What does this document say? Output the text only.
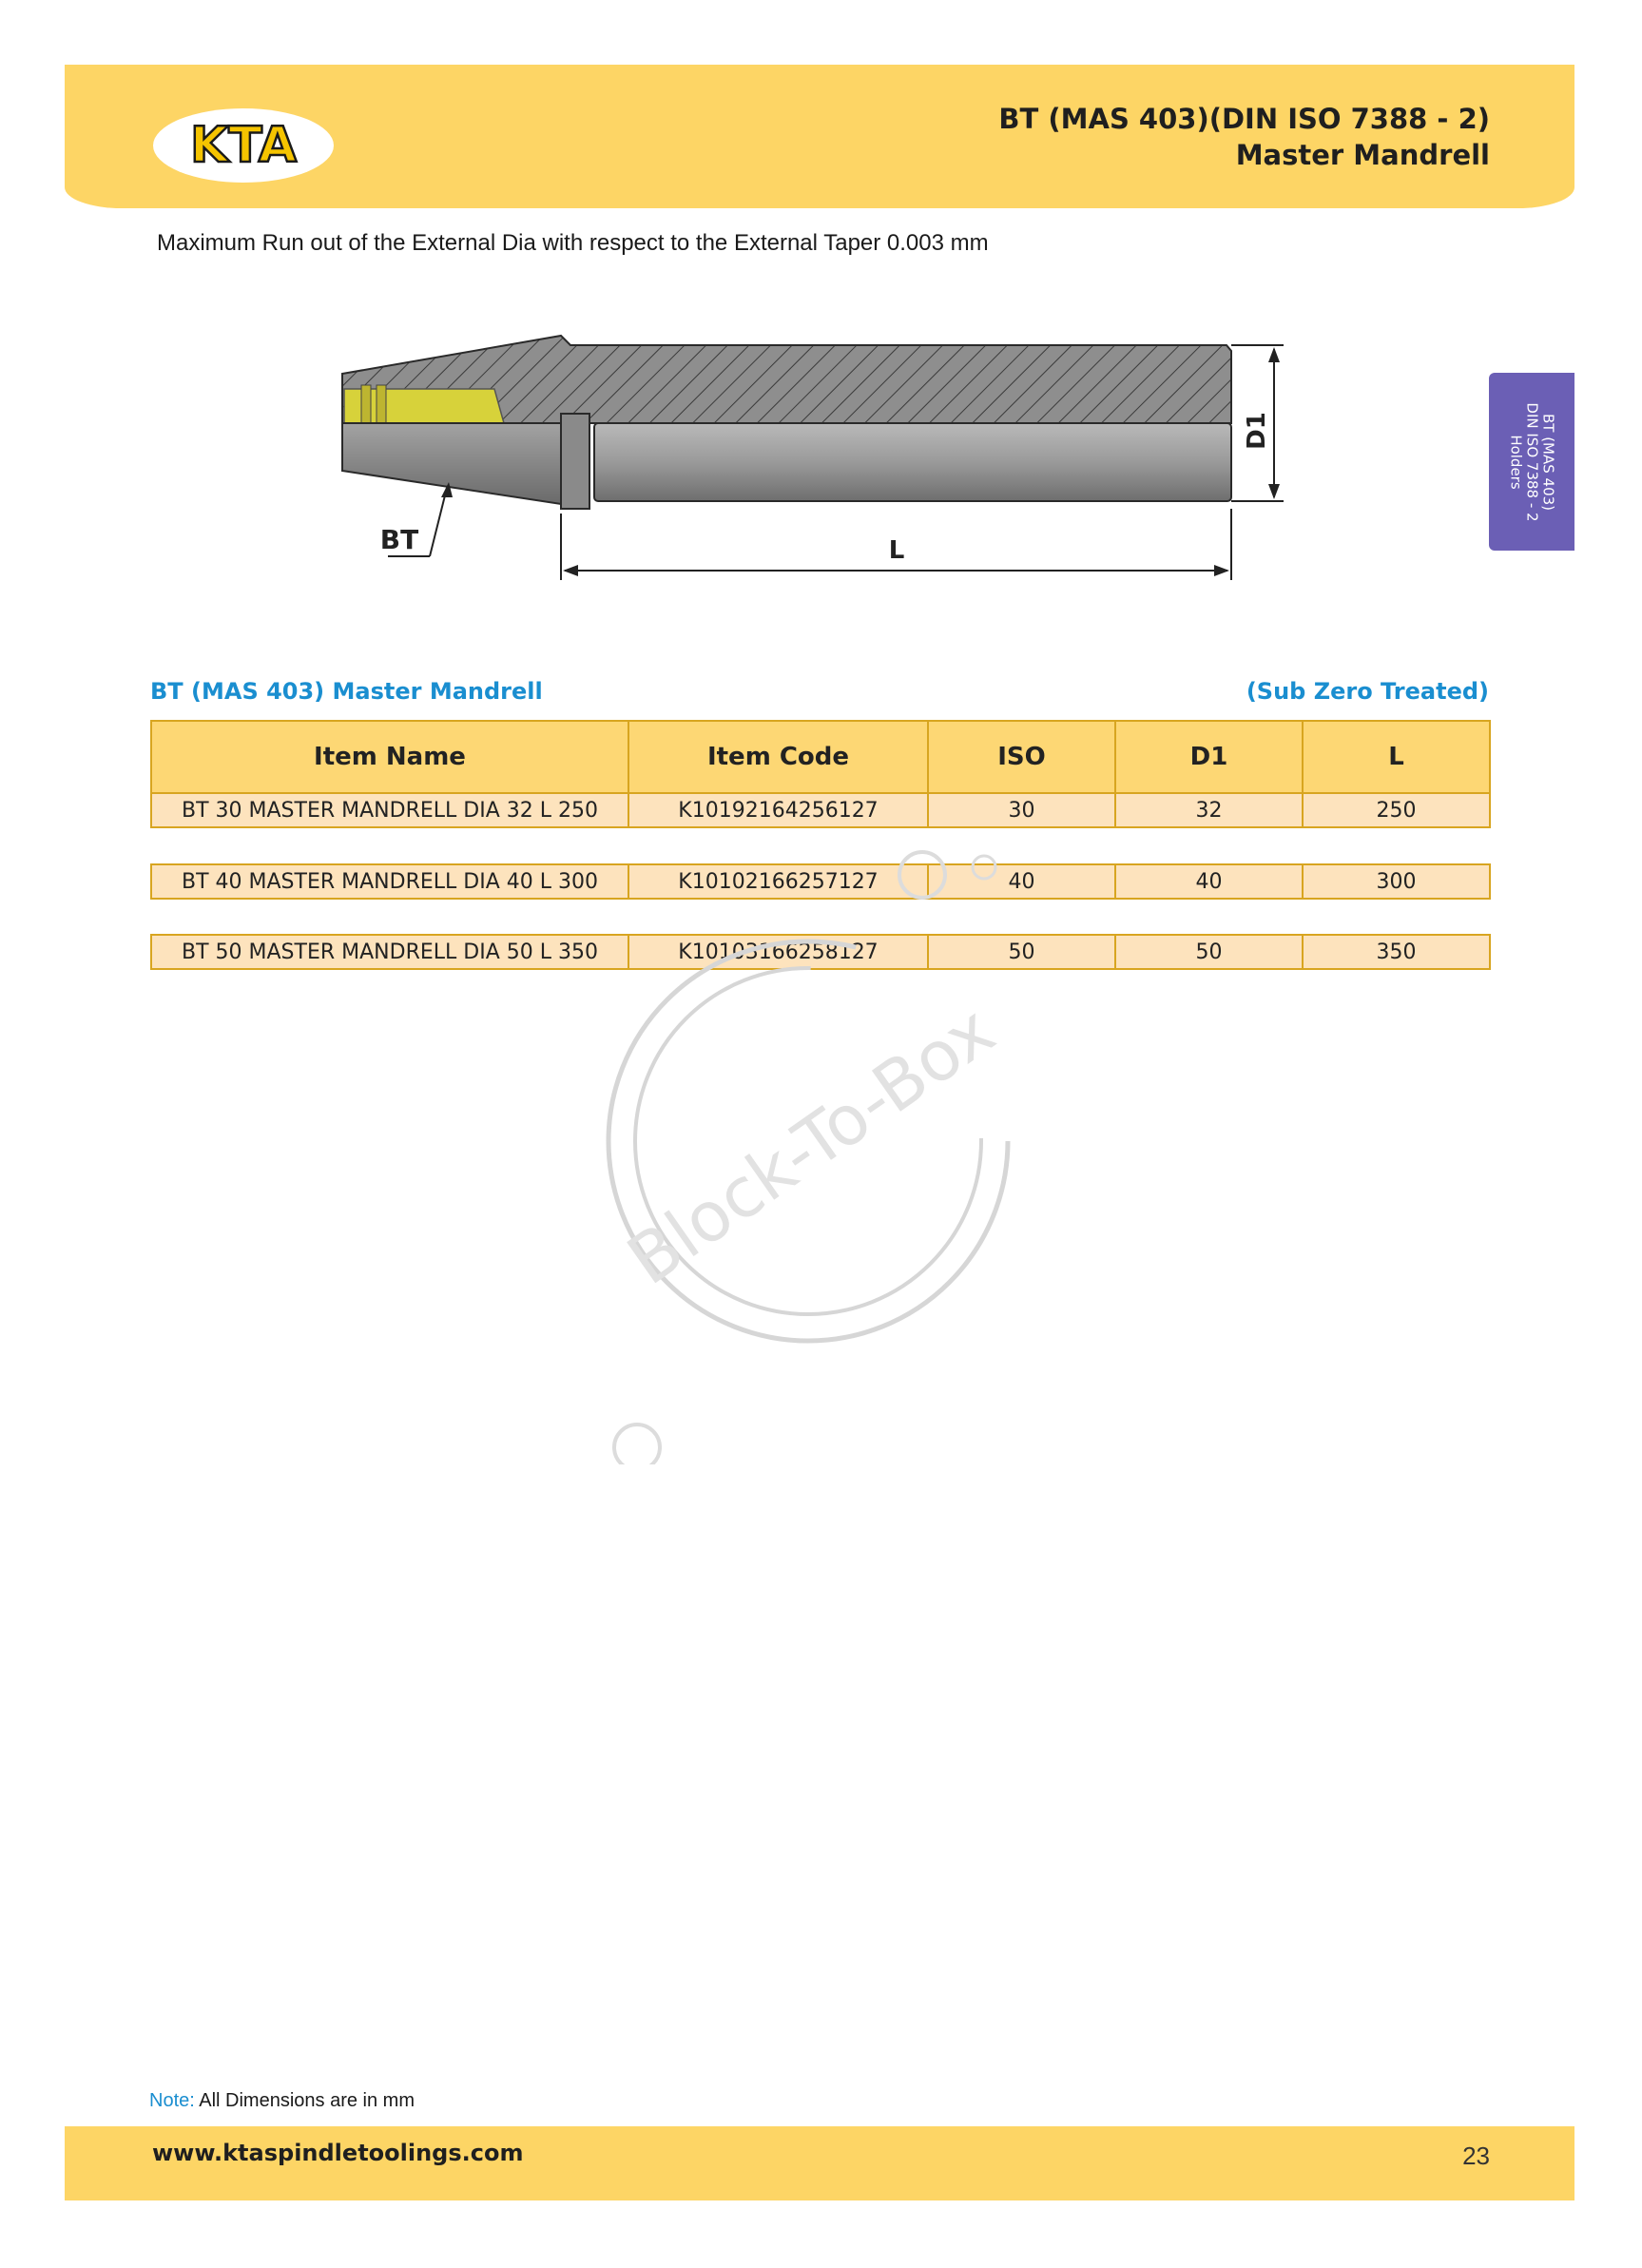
KTA	BT (MAS 403)(DIN ISO 7388 - 2)
Master Mandrell
Maximum Run out of the External Dia with respect to the External Taper 0.003 mm
D1
L
BT
BT (MAS 403)
DIN ISO 7388 - 2
Holders
BT (MAS 403) Master Mandrell	(Sub Zero Treated)
Item Name	Item Code	ISO	D1	L
BT 30 MASTER MANDRELL DIA 32 L 250	K10192164256127	30	32	250
BT 40 MASTER MANDRELL DIA 40 L 300	K10102166257127	40	40	300
BT 50 MASTER MANDRELL DIA 50 L 350	K10103166258127	50	50	350
Block-To-Box
Note: All Dimensions are in mm
www.ktaspindletoolings.com	23
